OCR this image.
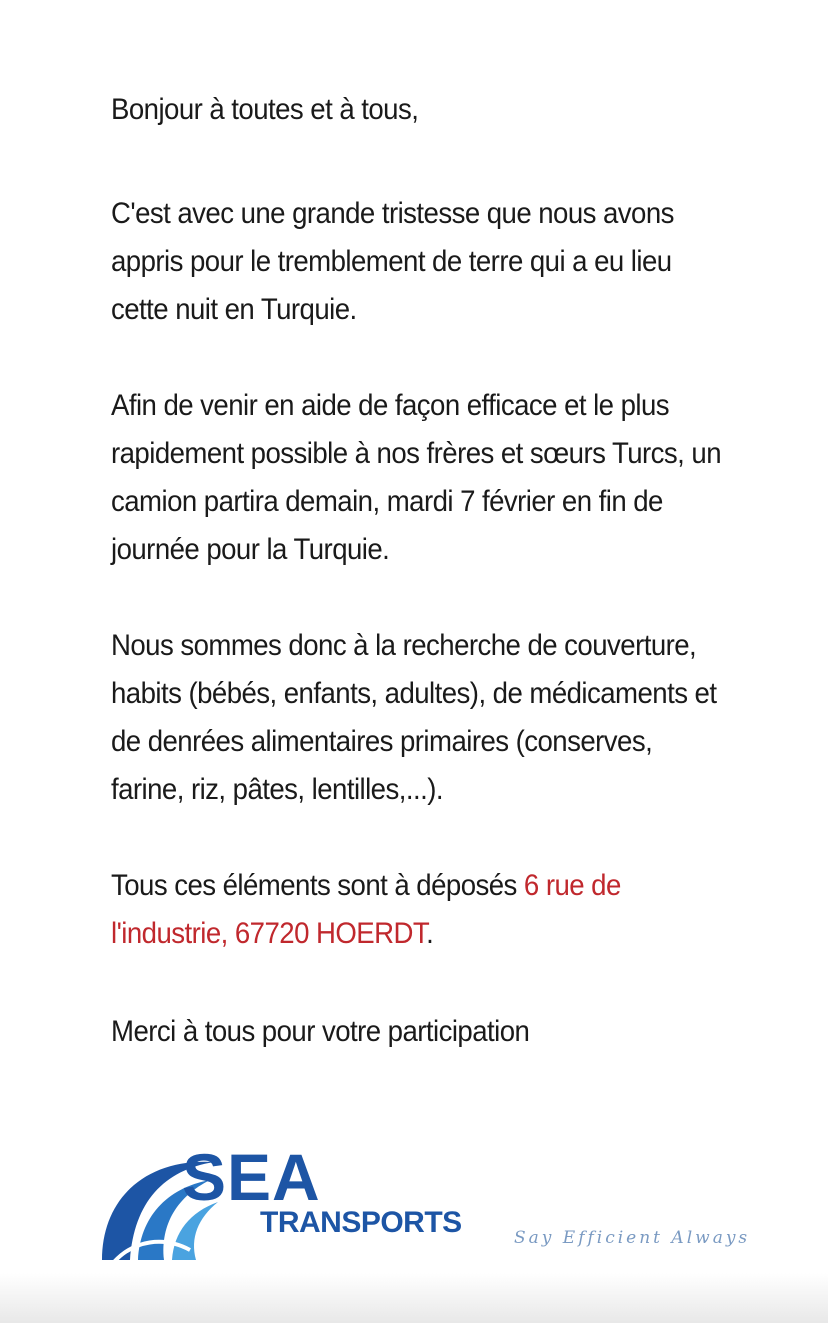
Bonjour à toutes et à tous,

C'est avec une grande tristesse que nous avons
appris pour le tremblement de terre qui a eu lieu
cette nuit en Turquie.

Afin de venir en aide de façon efficace et le plus
rapidement possible à nos frères et sœurs Turcs, un
camion partira demain, mardi 7 février en fin de
journée pour la Turquie.

Nous sommes donc à la recherche de couverture,
habits (bébés, enfants, adultes), de médicaments et
de denrées alimentaires primaires (conserves,
farine, riz, pâtes, lentilles,...).

Tous ces éléments sont à déposés 6 rue de
l'industrie, 67720 HOERDT.

Merci à tous pour votre participation

SEA
TRANSPORTS	Say Efficient Always
